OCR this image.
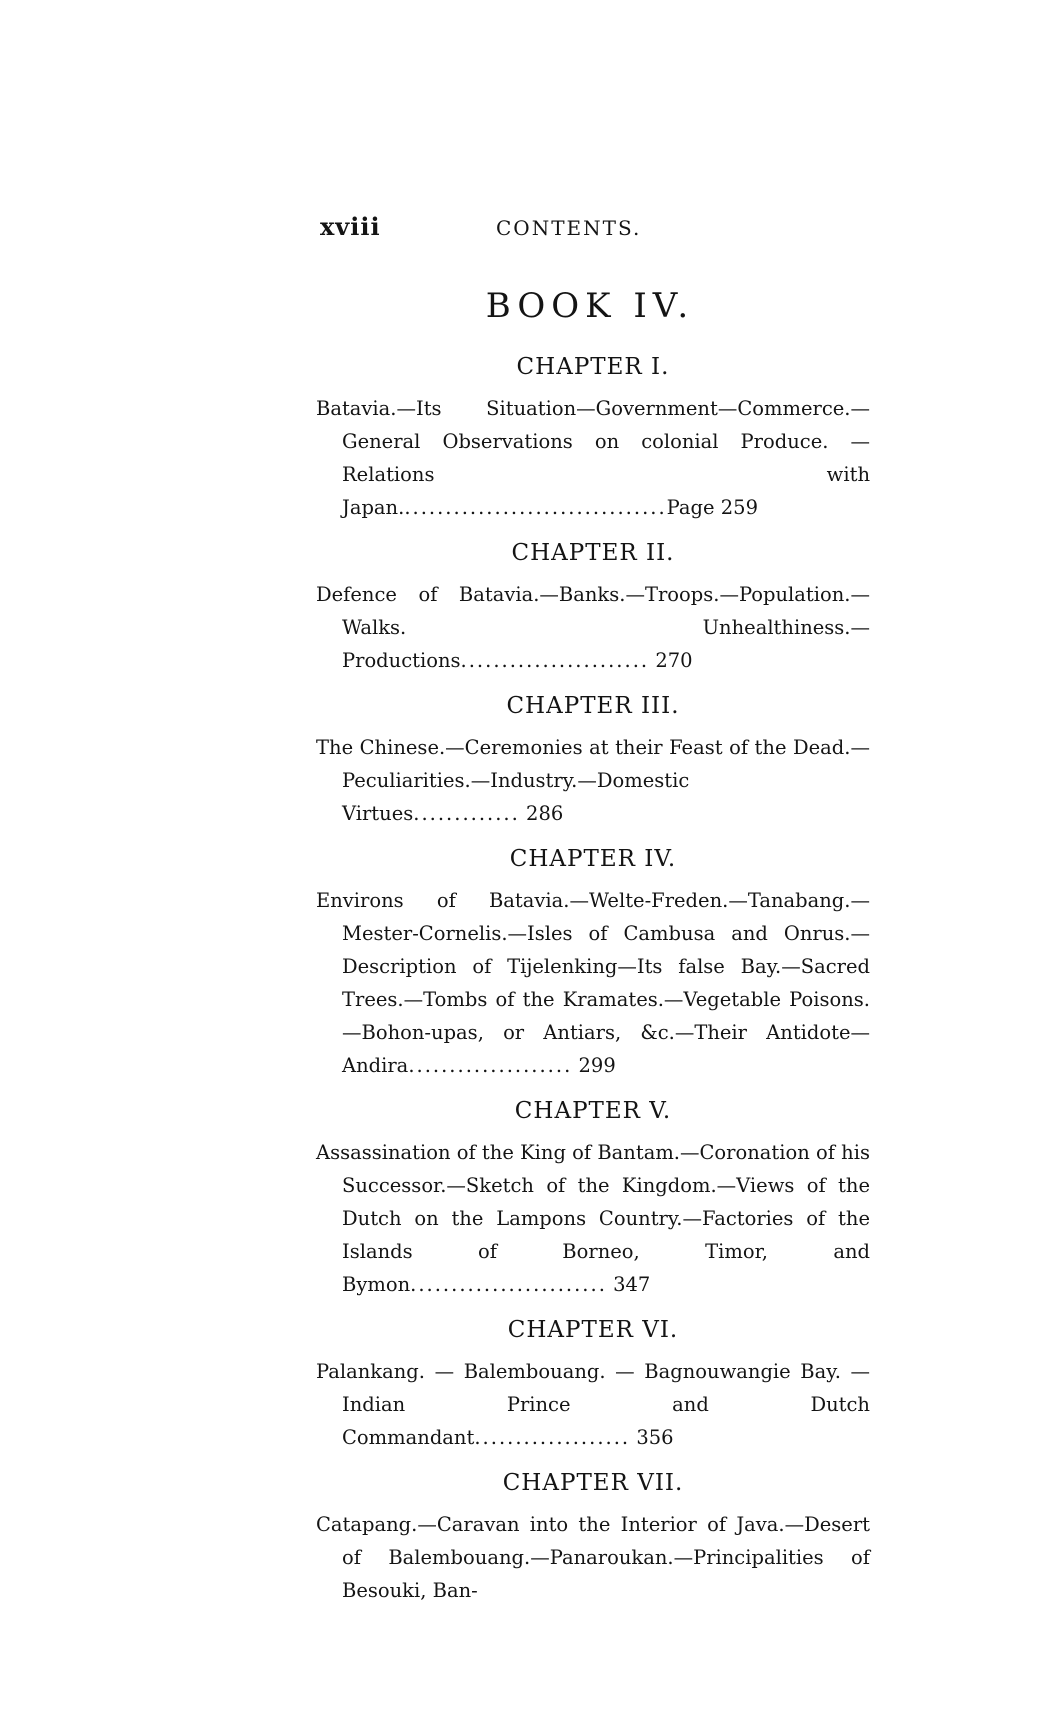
xviii	CONTENTS.
BOOK IV.
CHAPTER I.
Batavia.—Its Situation—Government—Commerce.—General Observations on colonial Produce. — Relations with Japan.................................Page 259
CHAPTER II.
Defence of Batavia.—Banks.—Troops.—Population.—Walks. Unhealthiness.—Productions....................... 270
CHAPTER III.
The Chinese.—Ceremonies at their Feast of the Dead.—Peculiarities.—Industry.—Domestic Virtues............. 286
CHAPTER IV.
Environs of Batavia.—Welte-Freden.—Tanabang.—Mester-Cornelis.—Isles of Cambusa and Onrus.—Description of Tijelenking—Its false Bay.—Sacred Trees.—Tombs of the Kramates.—Vegetable Poisons.—Bohon-upas, or Antiars, &c.—Their Antidote—Andira.................... 299
CHAPTER V.
Assassination of the King of Bantam.—Coronation of his Successor.—Sketch of the Kingdom.—Views of the Dutch on the Lampons Country.—Factories of the Islands of Borneo, Timor, and Bymon........................ 347
CHAPTER VI.
Palankang. — Balembouang. — Bagnouwangie Bay. — Indian Prince and Dutch Commandant................... 356
CHAPTER VII.
Catapang.—Caravan into the Interior of Java.—Desert of Balembouang.—Panaroukan.—Principalities of Besouki, Ban-
